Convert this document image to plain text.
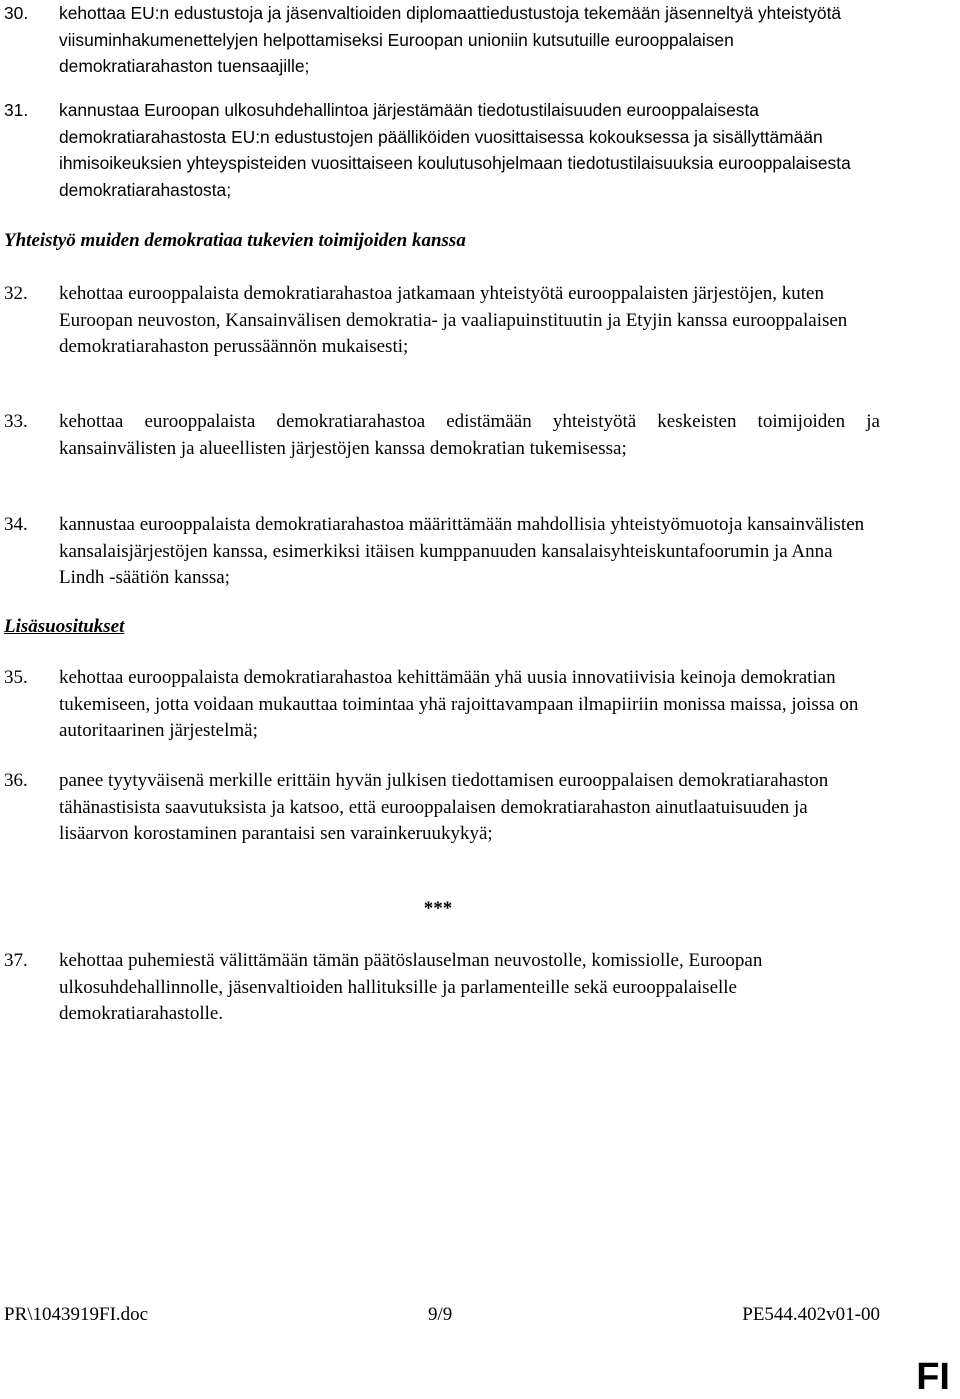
30. kehottaa EU:n edustustoja ja jäsenvaltioiden diplomaattiedustustoja tekemään jäsenneltyä yhteistyötä viisuminhakumenettelyjen helpottamiseksi Euroopan unioniin kutsutuille eurooppalaisen demokratiarahaston tuensaajille;
31. kannustaa Euroopan ulkosuhdehallintoa järjestämään tiedotustilaisuuden eurooppalaisesta demokratiarahastosta EU:n edustustojen päälliköiden vuosittaisessa kokouksessa ja sisällyttämään ihmisoikeuksien yhteyspisteiden vuosittaiseen koulutusohjelmaan tiedotustilaisuuksia eurooppalaisesta demokratiarahastosta;
Yhteistyö muiden demokratiaa tukevien toimijoiden kanssa
32. kehottaa eurooppalaista demokratiarahastoa jatkamaan yhteistyötä eurooppalaisten järjestöjen, kuten Euroopan neuvoston, Kansainvälisen demokratia- ja vaaliapuinstituutin ja Etyjin kanssa eurooppalaisen demokratiarahaston perussäännön mukaisesti;
33. kehottaa eurooppalaista demokratiarahastoa edistämään yhteistyötä keskeisten toimijoiden ja kansainvälisten ja alueellisten järjestöjen kanssa demokratian tukemisessa;
34. kannustaa eurooppalaista demokratiarahastoa määrittämään mahdollisia yhteistyömuotoja kansainvälisten kansalaisjärjestöjen kanssa, esimerkiksi itäisen kumppanuuden kansalaisyhteiskuntafoorumin ja Anna Lindh -säätiön kanssa;
Lisäsuositukset
35. kehottaa eurooppalaista demokratiarahastoa kehittämään yhä uusia innovatiivisia keinoja demokratian tukemiseen, jotta voidaan mukauttaa toimintaa yhä rajoittavampaan ilmapiiriin monissa maissa, joissa on autoritaarinen järjestelmä;
36. panee tyytyväisenä merkille erittäin hyvän julkisen tiedottamisen eurooppalaisen demokratiarahaston tähänastisista saavutuksista ja katsoo, että eurooppalaisen demokratiarahaston ainutlaatuisuuden ja lisäarvon korostaminen parantaisi sen varainkeruukykyä;
***
37. kehottaa puhemiestä välittämään tämän päätöslauselman neuvostolle, komissiolle, Euroopan ulkosuhdehallinnolle, jäsenvaltioiden hallituksille ja parlamenteille sekä eurooppalaiselle demokratiarahastolle.
PR\1043919FI.doc	9/9	PE544.402v01-00
FI
